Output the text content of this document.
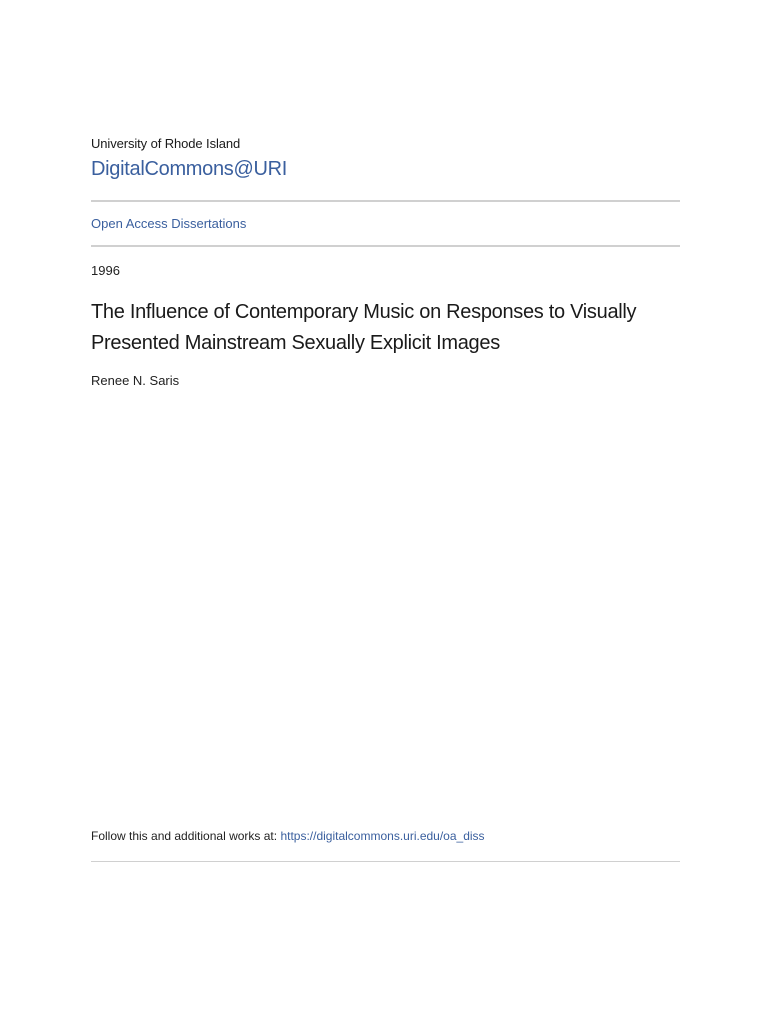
University of Rhode Island
DigitalCommons@URI
Open Access Dissertations
1996
The Influence of Contemporary Music on Responses to Visually Presented Mainstream Sexually Explicit Images
Renee N. Saris
Follow this and additional works at: https://digitalcommons.uri.edu/oa_diss
